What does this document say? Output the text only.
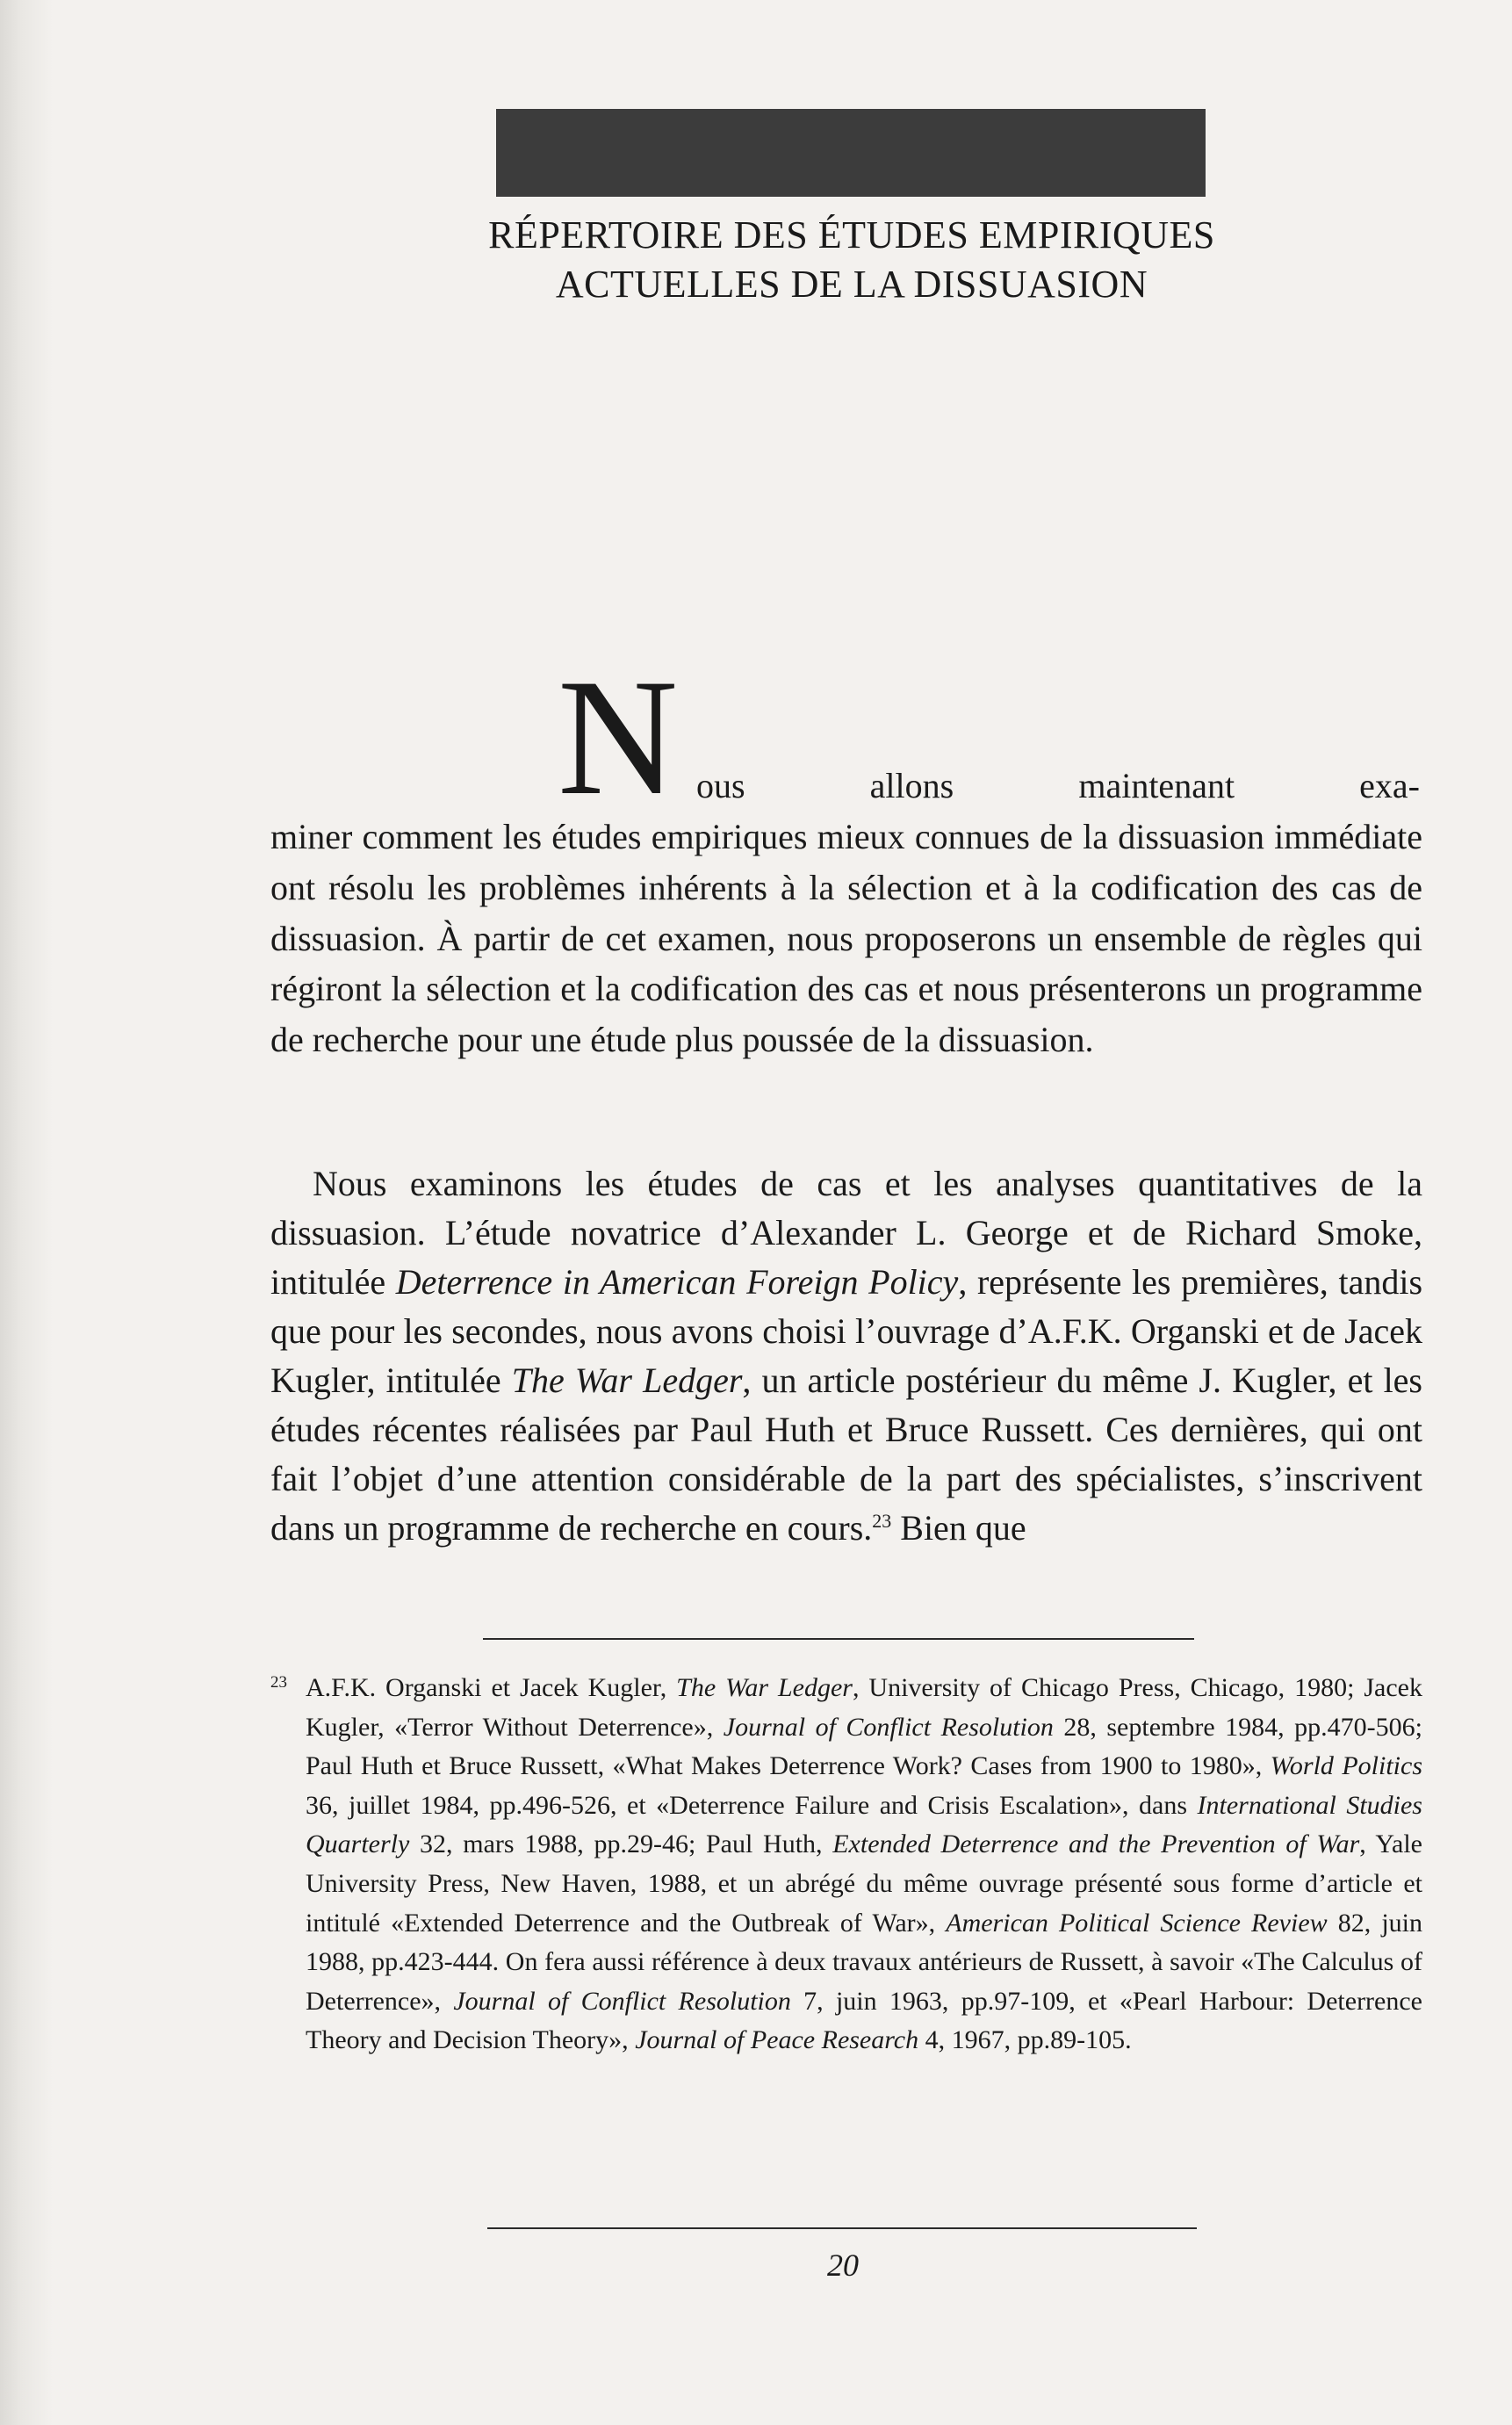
RÉPERTOIRE DES ÉTUDES EMPIRIQUES
ACTUELLES DE LA DISSUASION
N ous allons maintenant exa-

miner comment les études empiriques mieux connues de la dissuasion immédiate ont résolu les problèmes inhérents à la sélection et à la codification des cas de dissuasion. À partir de cet examen, nous proposerons un ensemble de règles qui régiront la sélection et la codification des cas et nous présenterons un programme de recherche pour une étude plus poussée de la dissuasion.

Nous examinons les études de cas et les analyses quantitatives de la dissuasion. L’étude novatrice d’Alexander L. George et de Richard Smoke, intitulée Deterrence in American Foreign Policy, représente les premières, tandis que pour les secondes, nous avons choisi l’ouvrage d’A.F.K. Organski et de Jacek Kugler, intitulée The War Ledger, un article postérieur du même J. Kugler, et les études récentes réalisées par Paul Huth et Bruce Russett. Ces dernières, qui ont fait l’objet d’une attention considérable de la part des spécialistes, s’inscrivent dans un programme de recherche en cours.$^{23}$ Bien que

23 A.F.K. Organski et Jacek Kugler, The War Ledger, University of Chicago Press, Chicago, 1980; Jacek Kugler, «Terror Without Deterrence», Journal of Conflict Resolution 28, septembre 1984, pp.470-506; Paul Huth et Bruce Russett, «What Makes Deterrence Work? Cases from 1900 to 1980», World Politics 36, juillet 1984, pp.496-526, et «Deterrence Failure and Crisis Escalation», dans International Studies Quarterly 32, mars 1988, pp.29-46; Paul Huth, Extended Deterrence and the Prevention of War, Yale University Press, New Haven, 1988, et un abrégé du même ouvrage présenté sous forme d’article et intitulé «Extended Deterrence and the Outbreak of War», American Political Science Review 82, juin 1988, pp.423-444. On fera aussi référence à deux travaux antérieurs de Russett, à savoir «The Calculus of Deterrence», Journal of Conflict Resolution 7, juin 1963, pp.97-109, et «Pearl Harbour: Deterrence Theory and Decision Theory», Journal of Peace Research 4, 1967, pp.89-105.
20
